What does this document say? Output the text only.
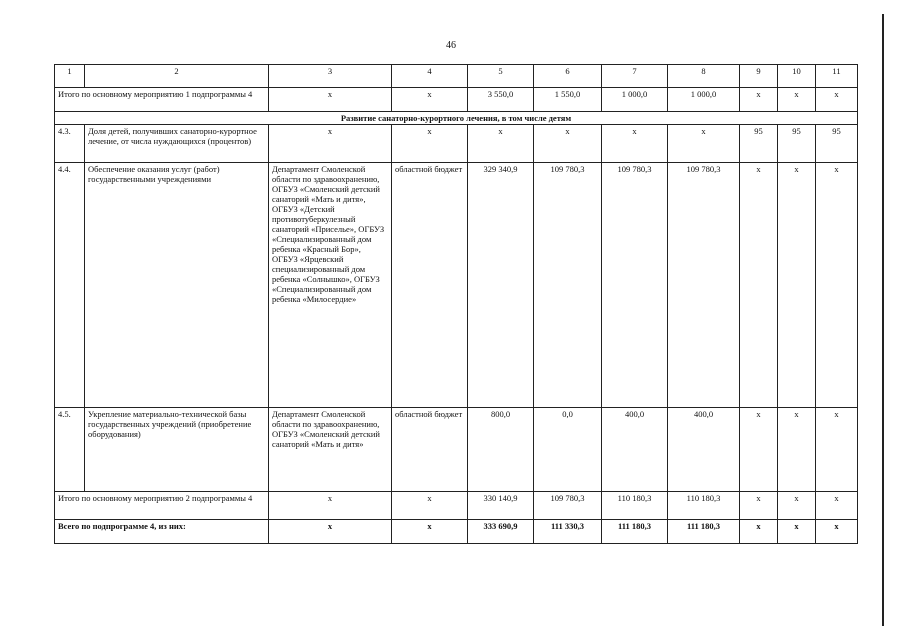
46
1	2	3	4	5	6	7	8	9	10	11
Итого по основному мероприятию 1 подпрограммы 4		x	x	3 550,0	1 550,0	1 000,0	1 000,0	x	x	x
Развитие санаторно-курортного лечения, в том числе детям										
4.3.	Доля детей, получивших санаторно-курортное лечение, от числа нуждающихся (процентов)	x	x	x	x	x	x	95	95	95
4.4.	Обеспечение оказания услуг (работ) государственными учреждениями	Департамент Смоленской области по здравоохранению, ОГБУЗ «Смоленский детский санаторий «Мать и дитя», ОГБУЗ «Детский противотуберкулезный санаторий «Приселье», ОГБУЗ «Специализированный дом ребенка «Красный Бор», ОГБУЗ «Ярцевский специализированный дом ребенка «Солнышко», ОГБУЗ «Специализированный дом ребенка «Милосердие»	областной бюджет	329 340,9	109 780,3	109 780,3	109 780,3	x	x	x
4.5.	Укрепление материально-технической базы государственных учреждений (приобретение оборудования)	Департамент Смоленской области по здравоохранению, ОГБУЗ «Смоленский детский санаторий «Мать и дитя»	областной бюджет	800,0	0,0	400,0	400,0	x	x	x
Итого по основному мероприятию 2 подпрограммы 4		x	x	330 140,9	109 780,3	110 180,3	110 180,3	x	x	x
Всего по подпрограмме 4, из них:		x	x	333 690,9	111 330,3	111 180,3	111 180,3	x	x	x
